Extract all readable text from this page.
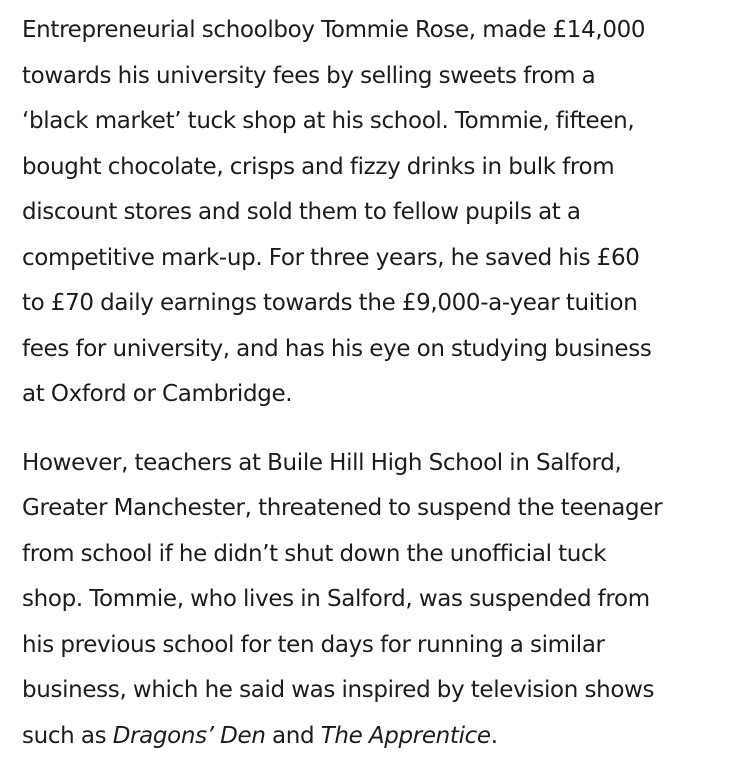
Entrepreneurial schoolboy Tommie Rose, made £14,000
towards his university fees by selling sweets from a
‘black market’ tuck shop at his school. Tommie, fifteen,
bought chocolate, crisps and fizzy drinks in bulk from
discount stores and sold them to fellow pupils at a
competitive mark-up. For three years, he saved his £60
to £70 daily earnings towards the £9,000-a-year tuition
fees for university, and has his eye on studying business
at Oxford or Cambridge.

However, teachers at Buile Hill High School in Salford,
Greater Manchester, threatened to suspend the teenager
from school if he didn’t shut down the unofficial tuck
shop. Tommie, who lives in Salford, was suspended from
his previous school for ten days for running a similar
business, which he said was inspired by television shows
such as Dragons’ Den and The Apprentice.
